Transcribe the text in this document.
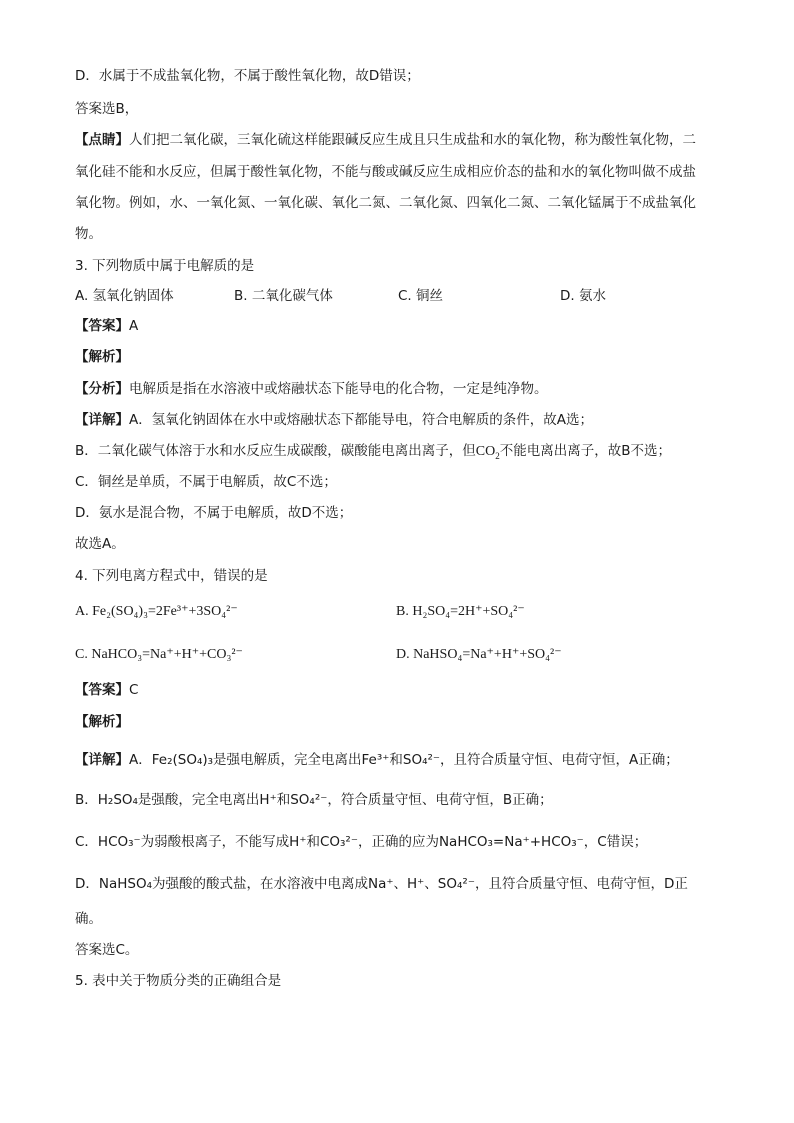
D．水属于不成盐氧化物，不属于酸性氧化物，故D错误；
答案选B，
【点睛】人们把二氧化碳，三氧化硫这样能跟碱反应生成且只生成盐和水的氧化物，称为酸性氧化物，二
氧化硅不能和水反应，但属于酸性氧化物，不能与酸或碱反应生成相应价态的盐和水的氧化物叫做不成盐
氧化物。例如，水、一氧化氮、一氧化碳、氧化二氮、二氧化氮、四氧化二氮、二氧化锰属于不成盐氧化
物。
3. 下列物质中属于电解质的是
A. 氢氧化钠固体	B. 二氧化碳气体	C. 铜丝	D. 氨水
【答案】A
【解析】
【分析】电解质是指在水溶液中或熔融状态下能导电的化合物，一定是纯净物。
【详解】A．氢氧化钠固体在水中或熔融状态下都能导电，符合电解质的条件，故A选；
B．二氧化碳气体溶于水和水反应生成碳酸，碳酸能电离出离子，但$CO_2$不能电离出离子，故B不选；
C．铜丝是单质，不属于电解质，故C不选；
D．氨水是混合物，不属于电解质，故D不选；
故选A。
4. 下列电离方程式中，错误的是
A. Fe₂(SO₄)₃=2Fe³⁺+3SO₄²⁻	B. H₂SO₄=2H⁺+SO₄²⁻
C. NaHCO₃=Na⁺+H⁺+CO₃²⁻	D. NaHSO₄=Na⁺+H⁺+SO₄²⁻
【答案】C
【解析】
【详解】A．Fe₂(SO₄)₃是强电解质，完全电离出Fe³⁺和SO₄²⁻，且符合质量守恒、电荷守恒，A正确；
B．H₂SO₄是强酸，完全电离出H⁺和SO₄²⁻，符合质量守恒、电荷守恒，B正确；
C．HCO₃⁻为弱酸根离子，不能写成H⁺和CO₃²⁻，正确的应为NaHCO₃=Na⁺+HCO₃⁻，C错误；
D．NaHSO₄为强酸的酸式盐，在水溶液中电离成Na⁺、H⁺、SO₄²⁻，且符合质量守恒、电荷守恒，D正
确。
答案选C。
5. 表中关于物质分类的正确组合是
